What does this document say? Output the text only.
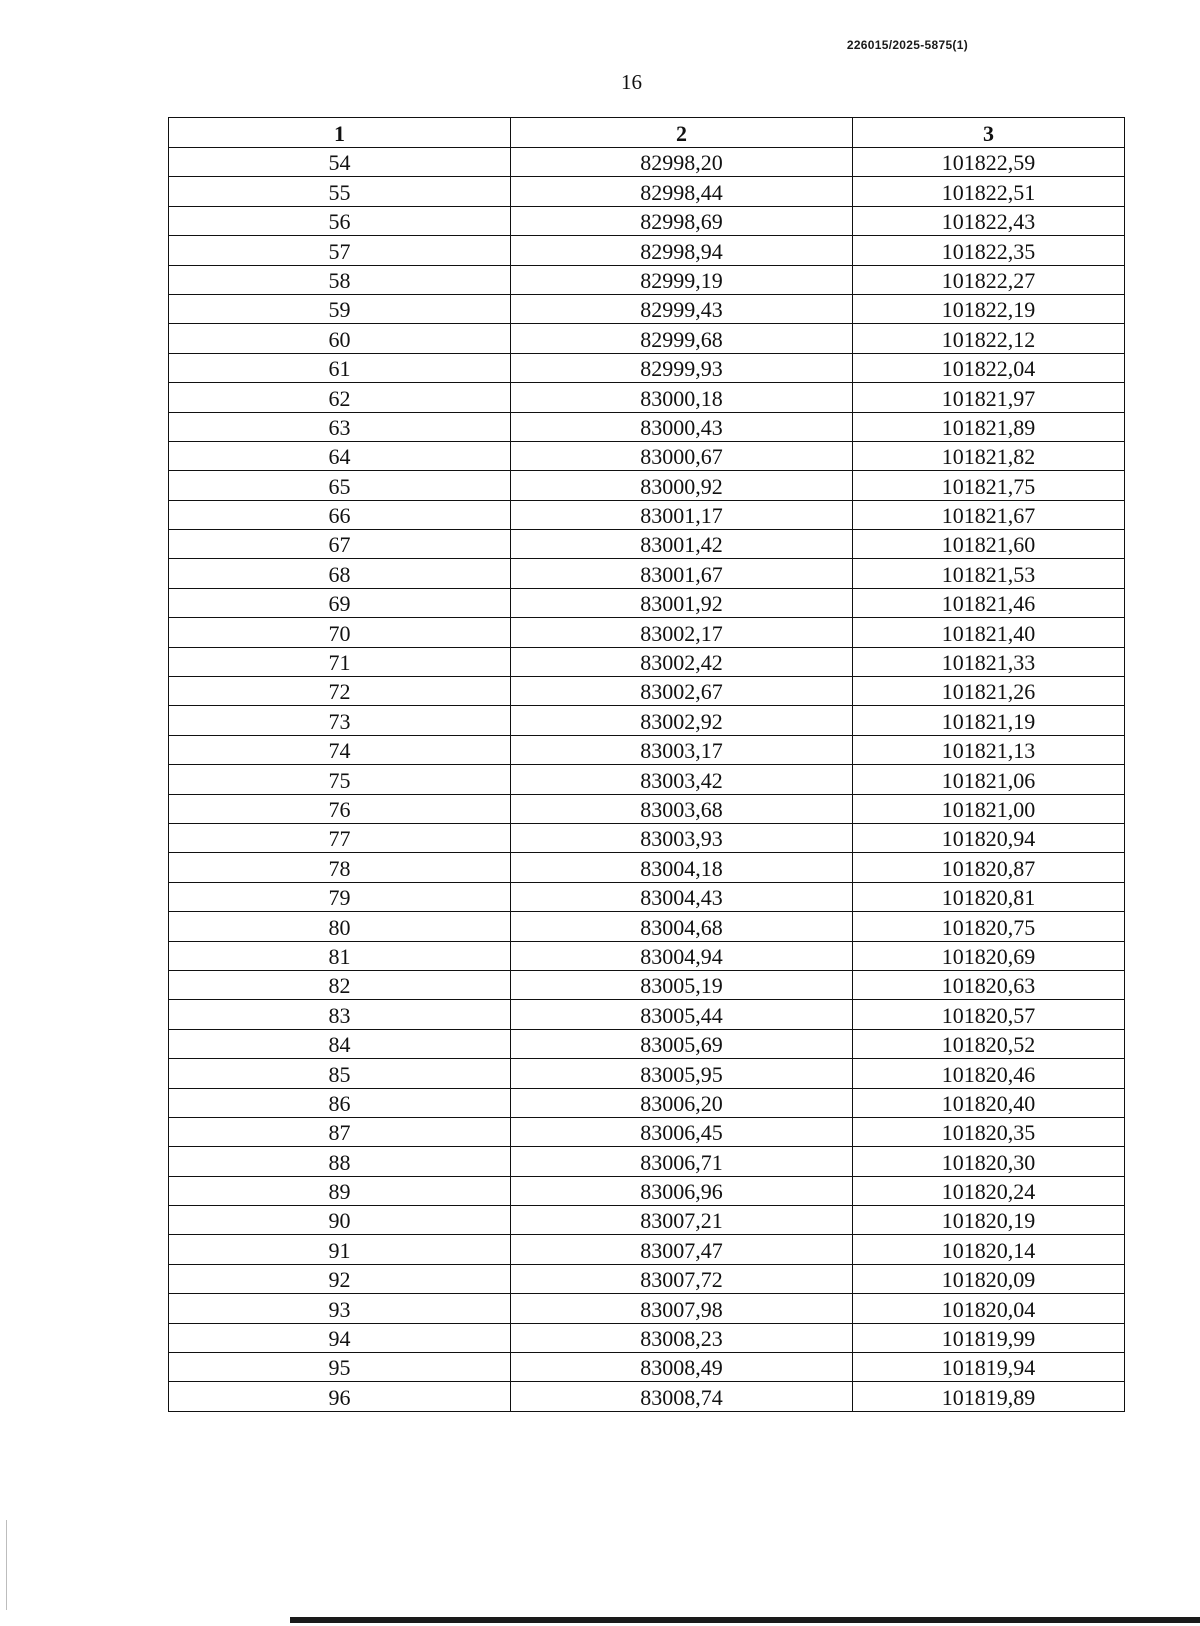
226015/2025-5875(1)
16
1	2	3
54	82998,20	101822,59
55	82998,44	101822,51
56	82998,69	101822,43
57	82998,94	101822,35
58	82999,19	101822,27
59	82999,43	101822,19
60	82999,68	101822,12
61	82999,93	101822,04
62	83000,18	101821,97
63	83000,43	101821,89
64	83000,67	101821,82
65	83000,92	101821,75
66	83001,17	101821,67
67	83001,42	101821,60
68	83001,67	101821,53
69	83001,92	101821,46
70	83002,17	101821,40
71	83002,42	101821,33
72	83002,67	101821,26
73	83002,92	101821,19
74	83003,17	101821,13
75	83003,42	101821,06
76	83003,68	101821,00
77	83003,93	101820,94
78	83004,18	101820,87
79	83004,43	101820,81
80	83004,68	101820,75
81	83004,94	101820,69
82	83005,19	101820,63
83	83005,44	101820,57
84	83005,69	101820,52
85	83005,95	101820,46
86	83006,20	101820,40
87	83006,45	101820,35
88	83006,71	101820,30
89	83006,96	101820,24
90	83007,21	101820,19
91	83007,47	101820,14
92	83007,72	101820,09
93	83007,98	101820,04
94	83008,23	101819,99
95	83008,49	101819,94
96	83008,74	101819,89
